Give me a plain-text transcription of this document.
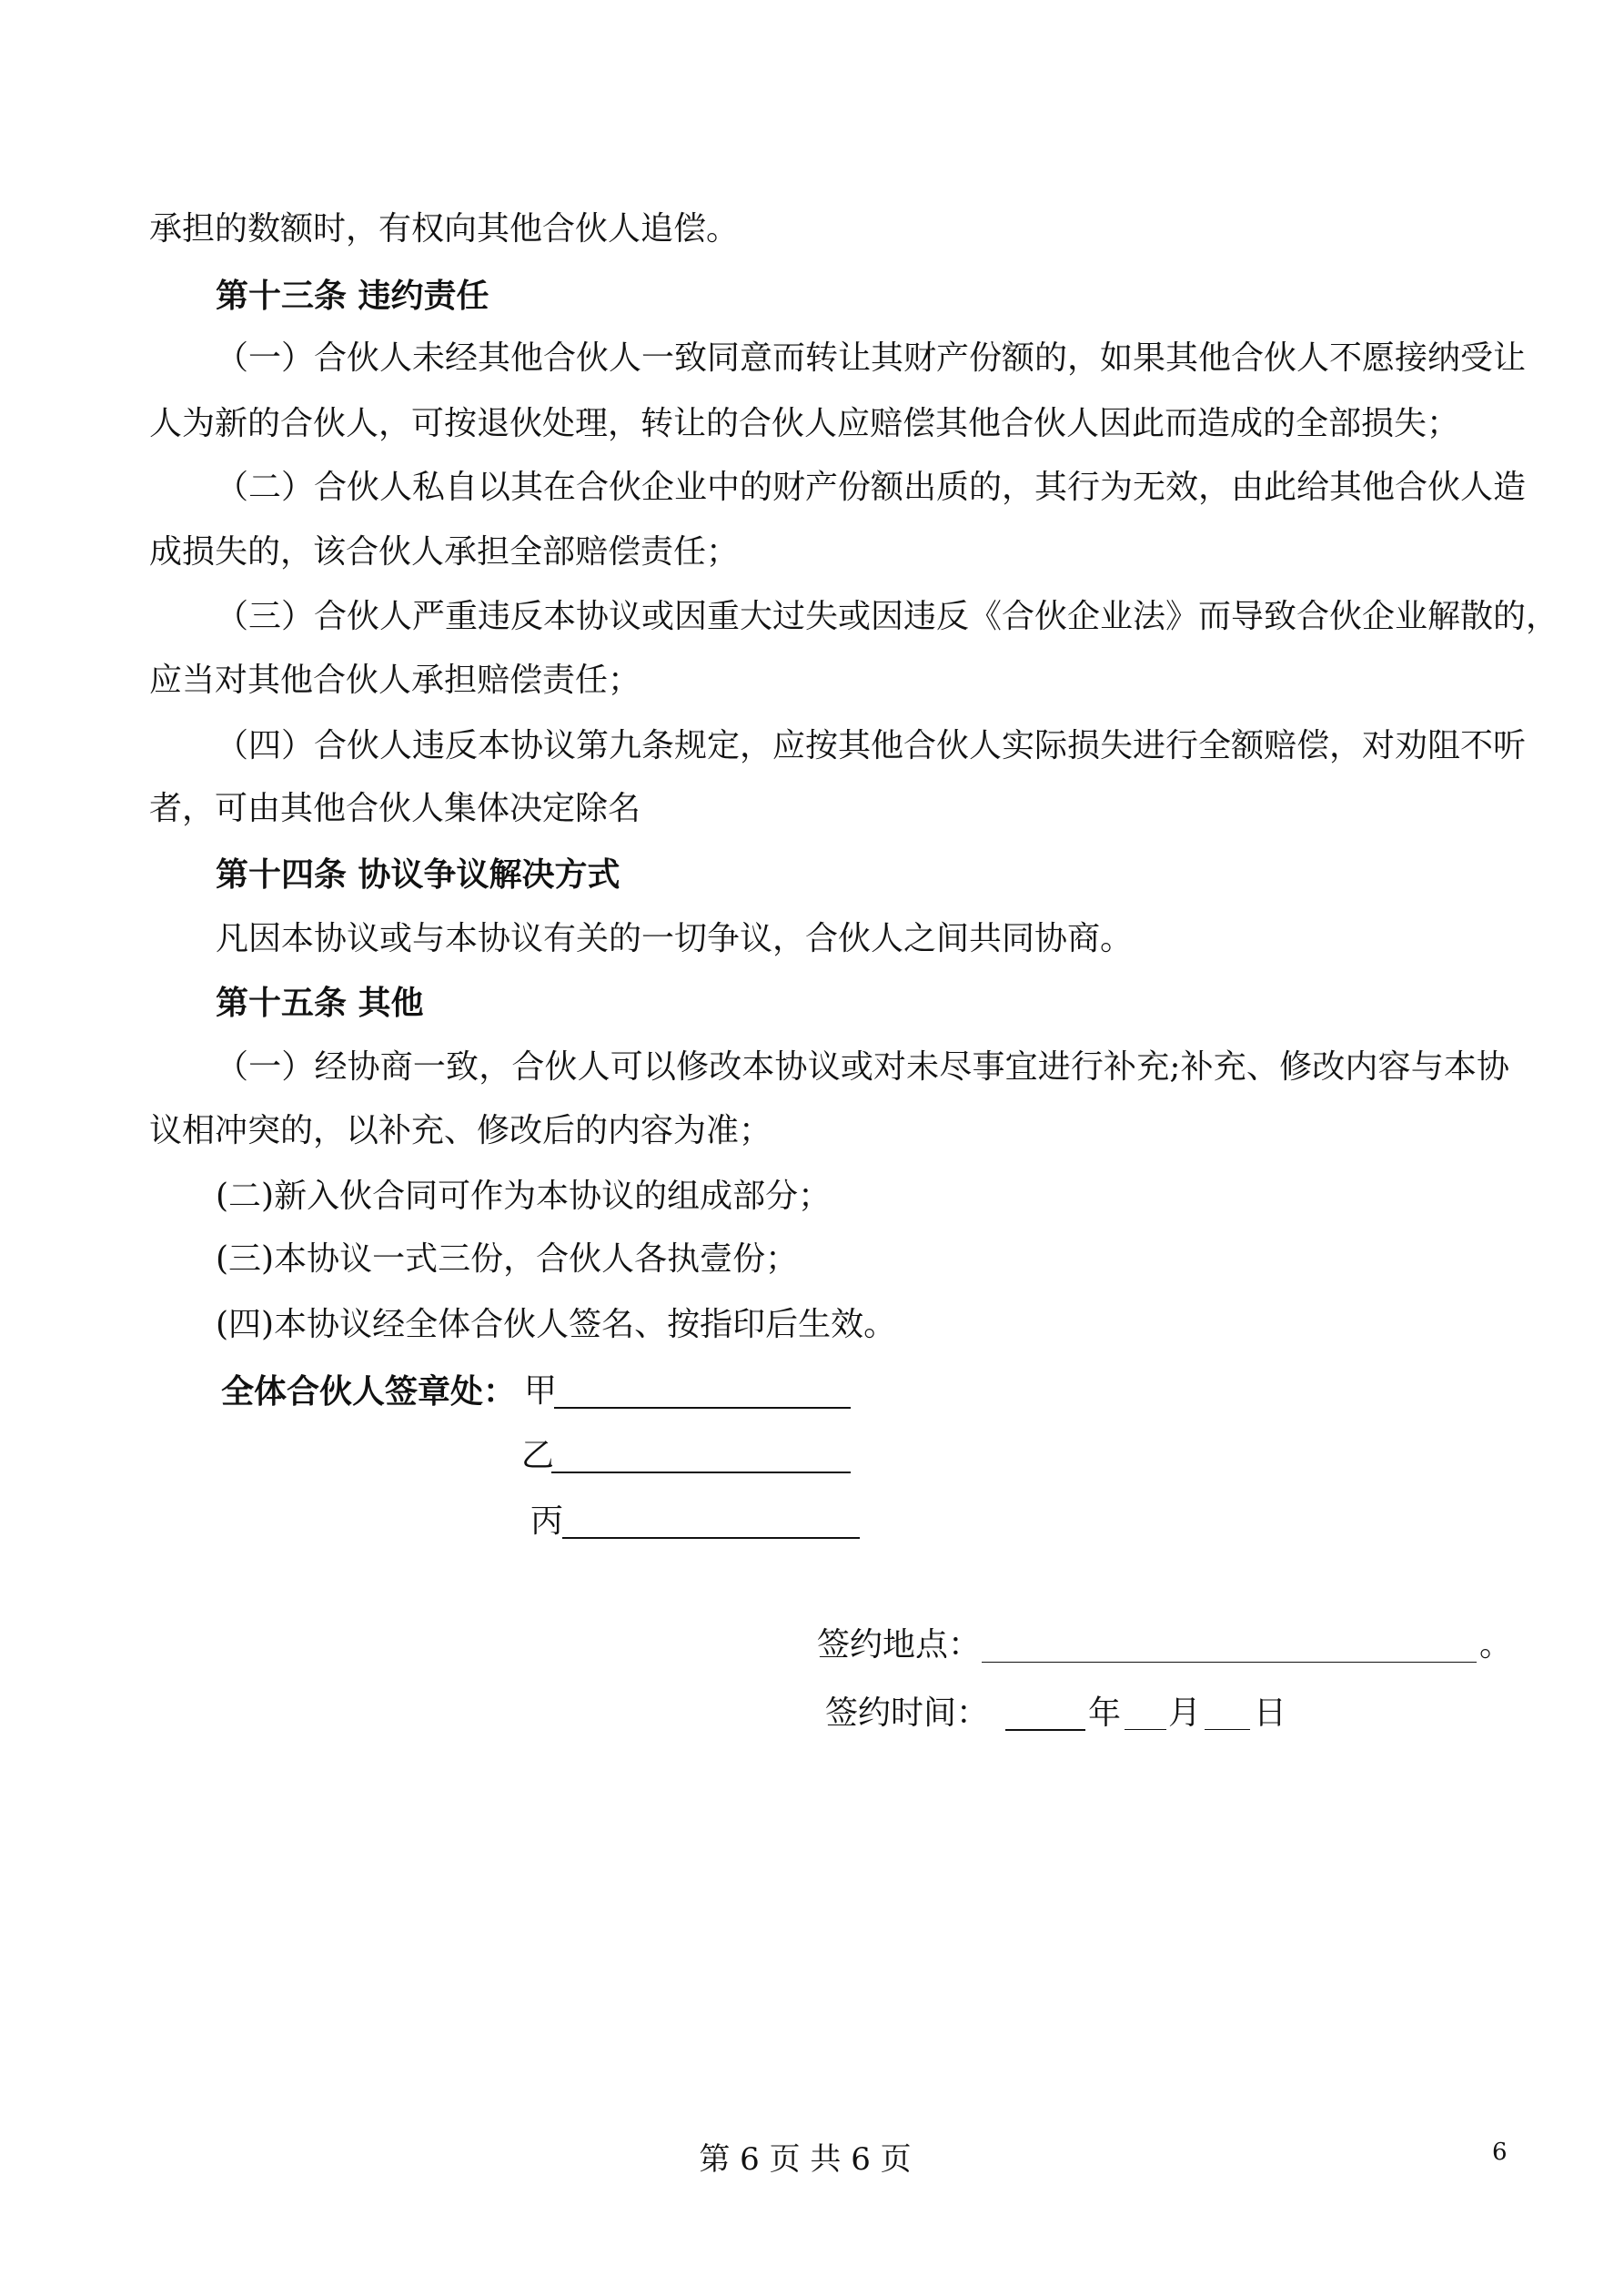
承担的数额时，有权向其他合伙人追偿。
第十三条 违约责任
（一）合伙人未经其他合伙人一致同意而转让其财产份额的，如果其他合伙人不愿接纳受让
人为新的合伙人，可按退伙处理，转让的合伙人应赔偿其他合伙人因此而造成的全部损失；
（二）合伙人私自以其在合伙企业中的财产份额出质的，其行为无效，由此给其他合伙人造
成损失的，该合伙人承担全部赔偿责任；
（三）合伙人严重违反本协议或因重大过失或因违反《合伙企业法》而导致合伙企业解散的，
应当对其他合伙人承担赔偿责任；
（四）合伙人违反本协议第九条规定，应按其他合伙人实际损失进行全额赔偿，对劝阻不听
者，可由其他合伙人集体决定除名
第十四条 协议争议解决方式
凡因本协议或与本协议有关的一切争议，合伙人之间共同协商。
第十五条 其他
（一）经协商一致，合伙人可以修改本协议或对未尽事宜进行补充;补充、修改内容与本协
议相冲突的，以补充、修改后的内容为准；
(二)新入伙合同可作为本协议的组成部分；
(三)本协议一式三份，合伙人各执壹份；
(四)本协议经全体合伙人签名、按指印后生效。
全体合伙人签章处： 甲
乙
丙
签约地点：	。
签约时间：	年 月 日
第 6 页 共 6 页	6
